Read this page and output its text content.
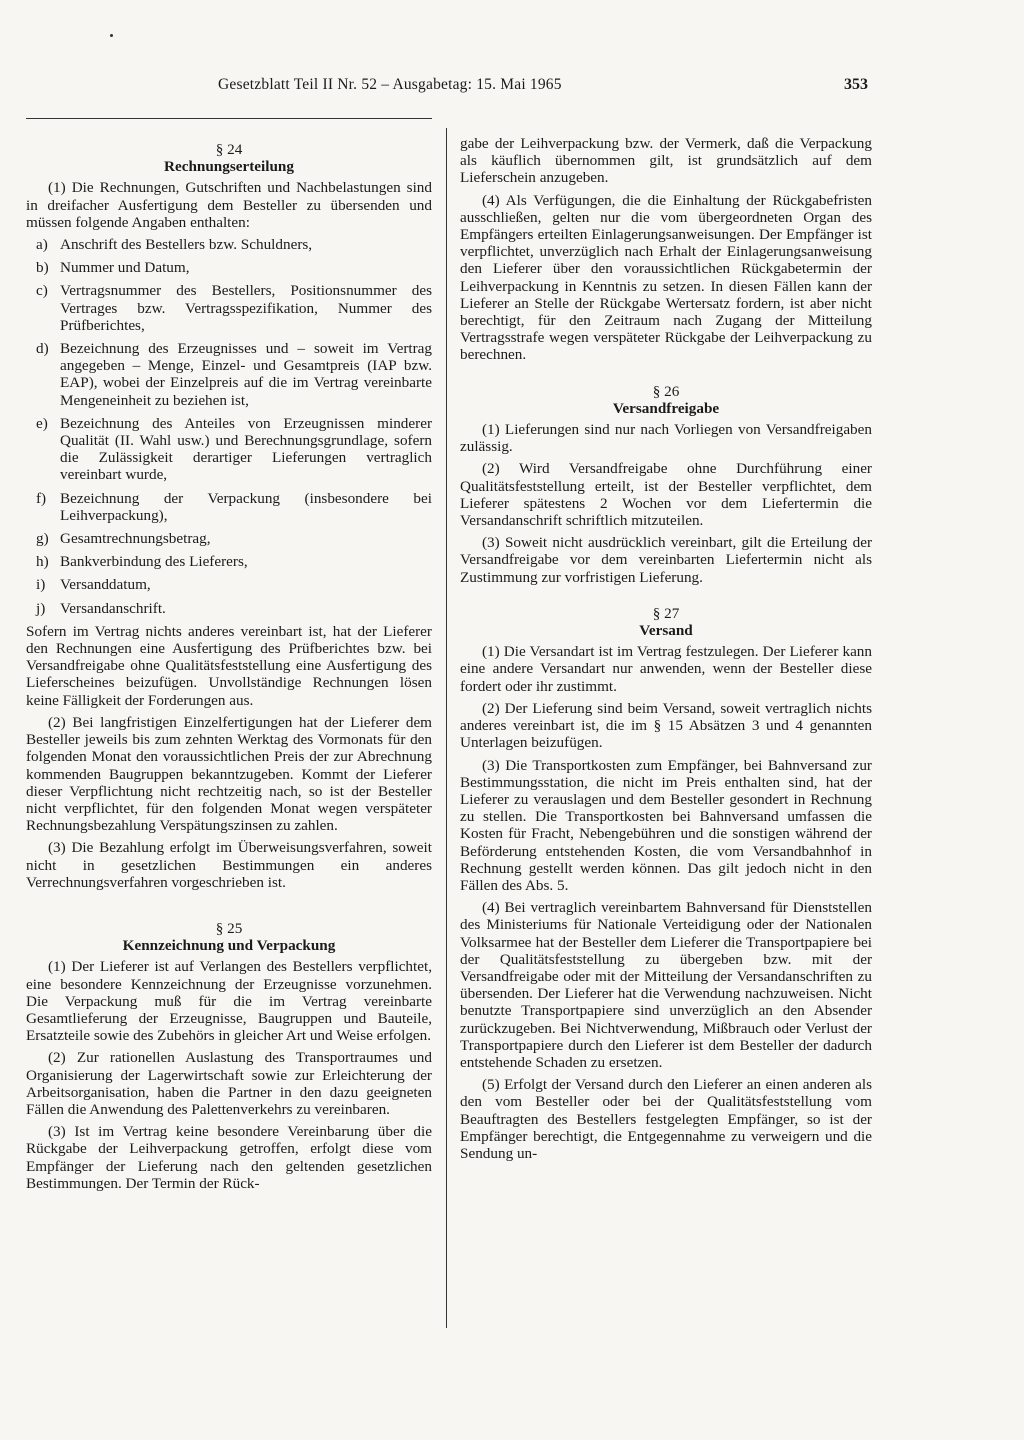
Gesetzblatt Teil II Nr. 52 – Ausgabetag: 15. Mai 1965	353

§ 24

Rechnungserteilung

(1) Die Rechnungen, Gutschriften und Nachbelastungen sind in dreifacher Ausfertigung dem Besteller zu übersenden und müssen folgende Angaben enthalten:

a) Anschrift des Bestellers bzw. Schuldners,
b) Nummer und Datum,
c) Vertragsnummer des Bestellers, Positionsnummer des Vertrages bzw. Vertragsspezifikation, Nummer des Prüfberichtes,
d) Bezeichnung des Erzeugnisses und – soweit im Vertrag angegeben – Menge, Einzel- und Gesamtpreis (IAP bzw. EAP), wobei der Einzelpreis auf die im Vertrag vereinbarte Mengeneinheit zu beziehen ist,
e) Bezeichnung des Anteiles von Erzeugnissen minderer Qualität (II. Wahl usw.) und Berechnungsgrundlage, sofern die Zulässigkeit derartiger Lieferungen vertraglich vereinbart wurde,
f) Bezeichnung der Verpackung (insbesondere bei Leihverpackung),
g) Gesamtrechnungsbetrag,
h) Bankverbindung des Lieferers,
i) Versanddatum,
j) Versandanschrift.

Sofern im Vertrag nichts anderes vereinbart ist, hat der Lieferer den Rechnungen eine Ausfertigung des Prüfberichtes bzw. bei Versandfreigabe ohne Qualitätsfeststellung eine Ausfertigung des Lieferscheines beizufügen. Unvollständige Rechnungen lösen keine Fälligkeit der Forderungen aus.

(2) Bei langfristigen Einzelfertigungen hat der Lieferer dem Besteller jeweils bis zum zehnten Werktag des Vormonats für den folgenden Monat den voraussichtlichen Preis der zur Abrechnung kommenden Baugruppen bekanntzugeben. Kommt der Lieferer dieser Verpflichtung nicht rechtzeitig nach, so ist der Besteller nicht verpflichtet, für den folgenden Monat wegen verspäteter Rechnungsbezahlung Verspätungszinsen zu zahlen.

(3) Die Bezahlung erfolgt im Überweisungsverfahren, soweit nicht in gesetzlichen Bestimmungen ein anderes Verrechnungsverfahren vorgeschrieben ist.

§ 25

Kennzeichnung und Verpackung

(1) Der Lieferer ist auf Verlangen des Bestellers verpflichtet, eine besondere Kennzeichnung der Erzeugnisse vorzunehmen. Die Verpackung muß für die im Vertrag vereinbarte Gesamtlieferung der Erzeugnisse, Baugruppen und Bauteile, Ersatzteile sowie des Zubehörs in gleicher Art und Weise erfolgen.

(2) Zur rationellen Auslastung des Transportraumes und Organisierung der Lagerwirtschaft sowie zur Erleichterung der Arbeitsorganisation, haben die Partner in den dazu geeigneten Fällen die Anwendung des Palettenverkehrs zu vereinbaren.

(3) Ist im Vertrag keine besondere Vereinbarung über die Rückgabe der Leihverpackung getroffen, erfolgt diese vom Empfänger der Lieferung nach den geltenden gesetzlichen Bestimmungen. Der Termin der Rück-

gabe der Leihverpackung bzw. der Vermerk, daß die Verpackung als käuflich übernommen gilt, ist grundsätzlich auf dem Lieferschein anzugeben.

(4) Als Verfügungen, die die Einhaltung der Rückgabefristen ausschließen, gelten nur die vom übergeordneten Organ des Empfängers erteilten Einlagerungsanweisungen. Der Empfänger ist verpflichtet, unverzüglich nach Erhalt der Einlagerungsanweisung den Lieferer über den voraussichtlichen Rückgabetermin der Leihverpackung in Kenntnis zu setzen. In diesen Fällen kann der Lieferer an Stelle der Rückgabe Wertersatz fordern, ist aber nicht berechtigt, für den Zeitraum nach Zugang der Mitteilung Vertragsstrafe wegen verspäteter Rückgabe der Leihverpackung zu berechnen.

§ 26

Versandfreigabe

(1) Lieferungen sind nur nach Vorliegen von Versandfreigaben zulässig.

(2) Wird Versandfreigabe ohne Durchführung einer Qualitätsfeststellung erteilt, ist der Besteller verpflichtet, dem Lieferer spätestens 2 Wochen vor dem Liefertermin die Versandanschrift schriftlich mitzuteilen.

(3) Soweit nicht ausdrücklich vereinbart, gilt die Erteilung der Versandfreigabe vor dem vereinbarten Liefertermin nicht als Zustimmung zur vorfristigen Lieferung.

§ 27

Versand

(1) Die Versandart ist im Vertrag festzulegen. Der Lieferer kann eine andere Versandart nur anwenden, wenn der Besteller diese fordert oder ihr zustimmt.

(2) Der Lieferung sind beim Versand, soweit vertraglich nichts anderes vereinbart ist, die im § 15 Absätzen 3 und 4 genannten Unterlagen beizufügen.

(3) Die Transportkosten zum Empfänger, bei Bahnversand zur Bestimmungsstation, die nicht im Preis enthalten sind, hat der Lieferer zu verauslagen und dem Besteller gesondert in Rechnung zu stellen. Die Transportkosten bei Bahnversand umfassen die Kosten für Fracht, Nebengebühren und die sonstigen während der Beförderung entstehenden Kosten, die vom Versandbahnhof in Rechnung gestellt werden können. Das gilt jedoch nicht in den Fällen des Abs. 5.

(4) Bei vertraglich vereinbartem Bahnversand für Dienststellen des Ministeriums für Nationale Verteidigung oder der Nationalen Volksarmee hat der Besteller dem Lieferer die Transportpapiere bei der Qualitätsfeststellung zu übergeben bzw. mit der Versandfreigabe oder mit der Mitteilung der Versandanschriften zu übersenden. Der Lieferer hat die Verwendung nachzuweisen. Nicht benutzte Transportpapiere sind unverzüglich an den Absender zurückzugeben. Bei Nichtverwendung, Mißbrauch oder Verlust der Transportpapiere durch den Lieferer ist dem Besteller der dadurch entstehende Schaden zu ersetzen.

(5) Erfolgt der Versand durch den Lieferer an einen anderen als den vom Besteller oder bei der Qualitätsfeststellung vom Beauftragten des Bestellers festgelegten Empfänger, so ist der Empfänger berechtigt, die Entgegennahme zu verweigern und die Sendung un-
